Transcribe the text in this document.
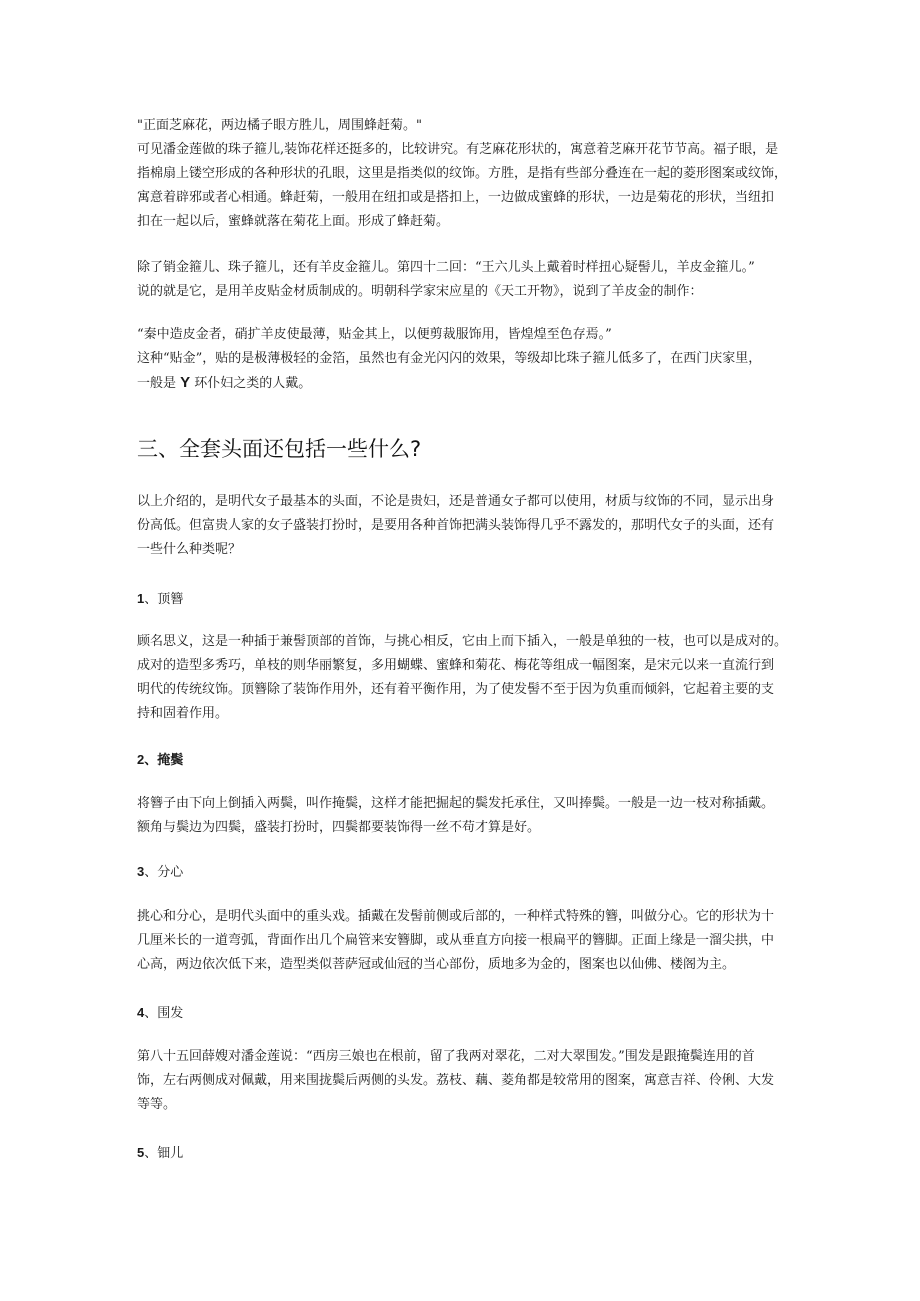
"正面芝麻花，两边橘子眼方胜儿，周围蜂赶菊。"
可见潘金莲做的珠子箍儿,装饰花样还挺多的，比较讲究。有芝麻花形状的，寓意着芝麻开花节节高。福子眼，是
指棉扇上镂空形成的各种形状的孔眼，这里是指类似的纹饰。方胜，是指有些部分叠连在一起的菱形图案或纹饰，
寓意着辟邪或者心相通。蜂赶菊，一般用在纽扣或是搭扣上，一边做成蜜蜂的形状，一边是菊花的形状，当纽扣
扣在一起以后，蜜蜂就落在菊花上面。形成了蜂赶菊。

除了销金箍儿、珠子箍儿，还有羊皮金箍儿。第四十二回：“王六儿头上戴着时样扭心疑髻儿，羊皮金箍儿。”
说的就是它，是用羊皮贴金材质制成的。明朝科学家宋应星的《天工开物》，说到了羊皮金的制作：

“秦中造皮金者，硝扩羊皮使最薄，贴金其上，以便剪裁服饰用，皆煌煌至色存焉。”
这种“贴金”，贴的是极薄极轻的金箔，虽然也有金光闪闪的效果，等级却比珠子箍儿低多了，在西门庆家里，
一般是 Y 环仆妇之类的人戴。

三、全套头面还包括一些什么?

以上介绍的，是明代女子最基本的头面，不论是贵妇，还是普通女子都可以使用，材质与纹饰的不同，显示出身
份高低。但富贵人家的女子盛装打扮时，是要用各种首饰把满头装饰得几乎不露发的，那明代女子的头面，还有
一些什么种类呢？

1、顶簪

顾名思义，这是一种插于兼髻顶部的首饰，与挑心相反，它由上而下插入，一般是单独的一枝，也可以是成对的。
成对的造型多秀巧，单枝的则华丽繁复，多用蝴蝶、蜜蜂和菊花、梅花等组成一幅图案，是宋元以来一直流行到
明代的传统纹饰。顶簪除了装饰作用外，还有着平衡作用，为了使发髻不至于因为负重而倾斜，它起着主要的支
持和固着作用。

2、掩鬓

将簪子由下向上倒插入两鬓，叫作掩鬓，这样才能把掘起的鬓发托承住，又叫捧鬓。一般是一边一枝对称插戴。
额角与鬓边为四鬓，盛装打扮时，四鬓都要装饰得一丝不苟才算是好。

3、分心

挑心和分心，是明代头面中的重头戏。插戴在发髻前侧或后部的，一种样式特殊的簪，叫做分心。它的形状为十
几厘米长的一道弯弧，背面作出几个扁管来安簪脚，或从垂直方向接一根扁平的簪脚。正面上缘是一溜尖拱，中
心高，两边依次低下来，造型类似菩萨冠或仙冠的当心部份，质地多为金的，图案也以仙佛、楼阁为主。

4、围发

第八十五回薛嫂对潘金莲说：“西房三娘也在根前，留了我两对翠花，二对大翠围发。”围发是跟掩鬓连用的首
饰，左右两侧成对佩戴，用来围拢鬓后两侧的头发。荔枝、藕、菱角都是较常用的图案，寓意吉祥、伶俐、大发
等等。

5、钿儿
